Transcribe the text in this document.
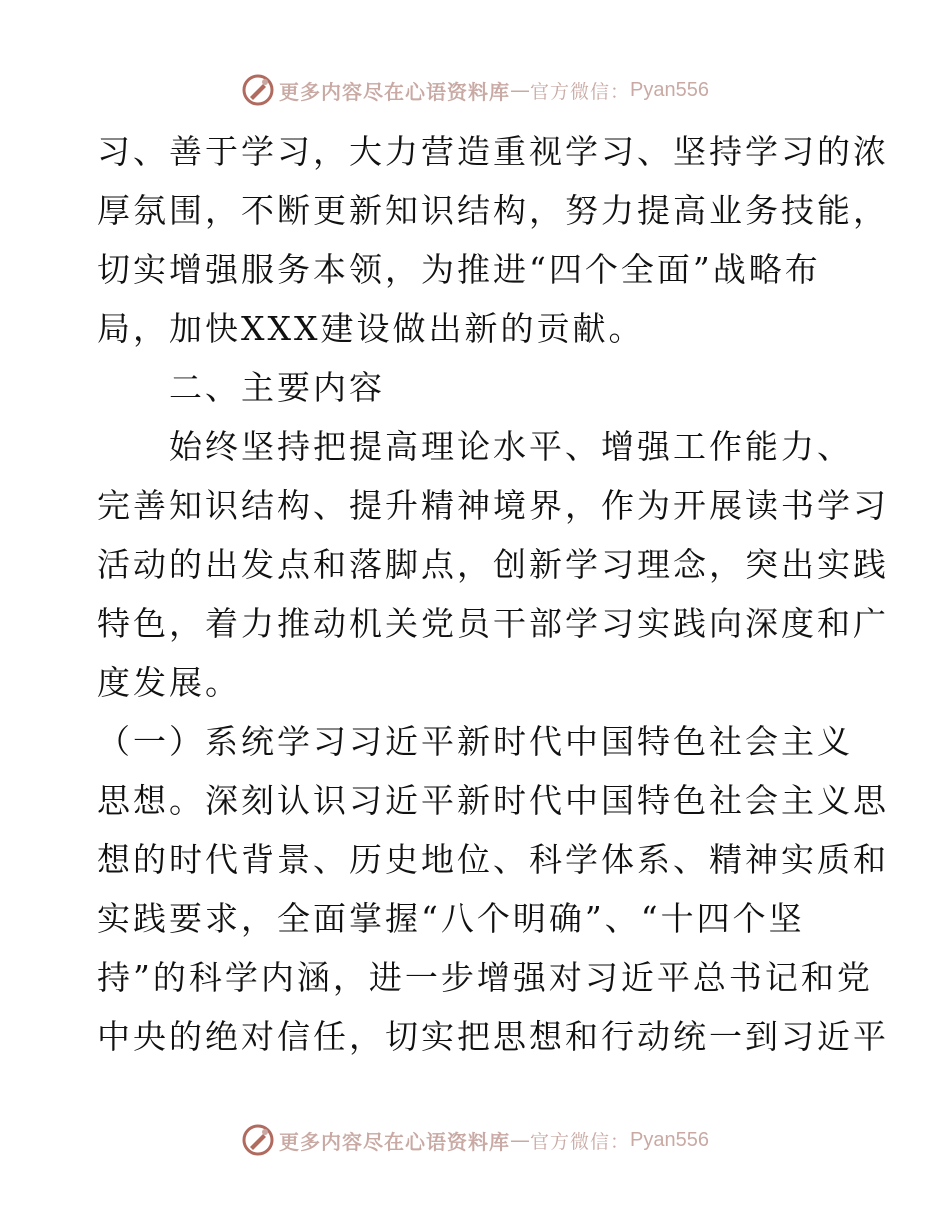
更多内容尽在心语资料库 — 官方微信： Pyan556
习、善于学习，大力营造重视学习、坚持学习的浓
厚氛围，不断更新知识结构，努力提高业务技能，
切实增强服务本领，为推进“四个全面”战略布
局，加快XXX建设做出新的贡献。
　　二、主要内容
　　始终坚持把提高理论水平、增强工作能力、
完善知识结构、提升精神境界，作为开展读书学习
活动的出发点和落脚点，创新学习理念，突出实践
特色，着力推动机关党员干部学习实践向深度和广
度发展。
（一）系统学习习近平新时代中国特色社会主义
思想。深刻认识习近平新时代中国特色社会主义思
想的时代背景、历史地位、科学体系、精神实质和
实践要求，全面掌握“八个明确”、“十四个坚
持”的科学内涵，进一步增强对习近平总书记和党
中央的绝对信任，切实把思想和行动统一到习近平
更多内容尽在心语资料库 — 官方微信： Pyan556
